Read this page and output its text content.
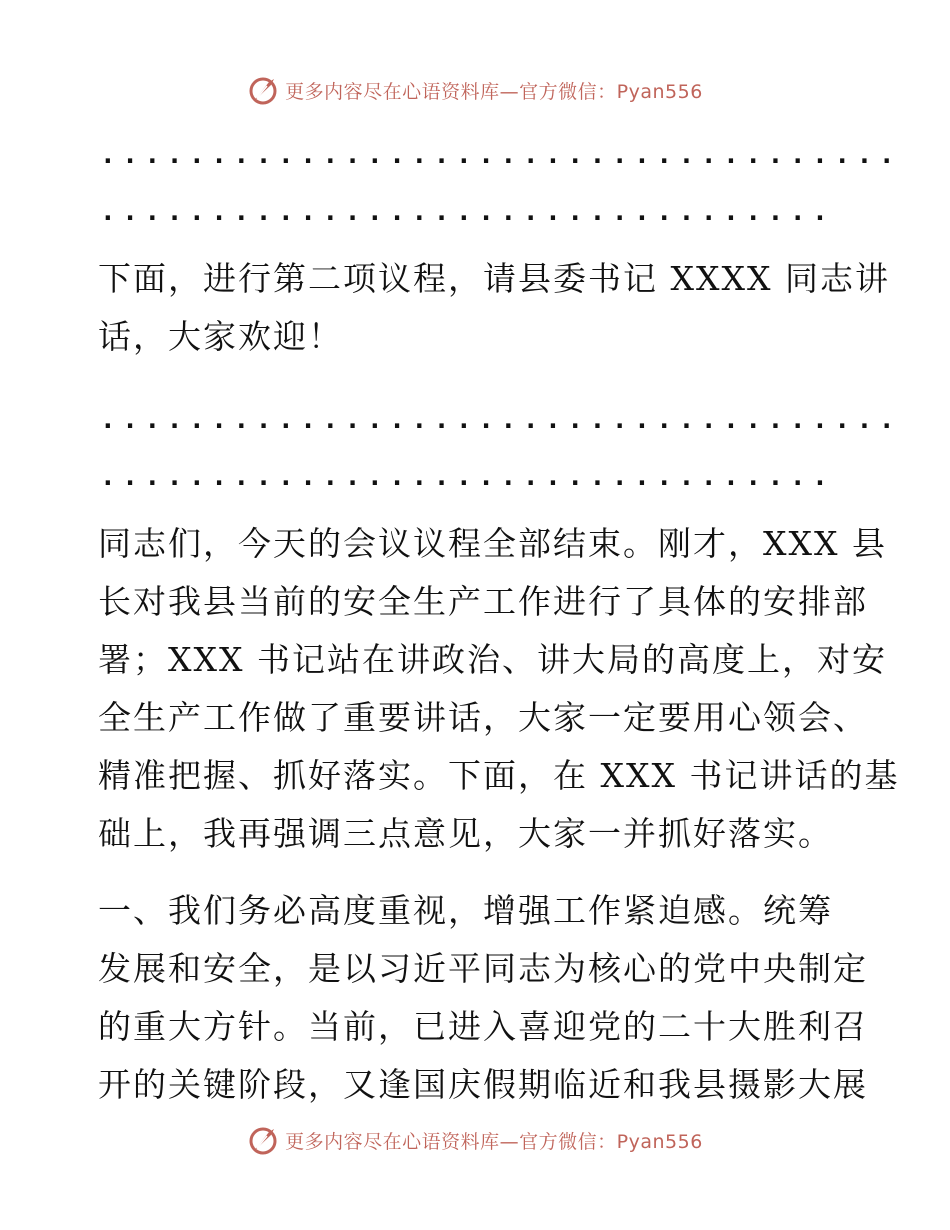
更多内容尽在心语资料库—官方微信：Pyan556
....................................
.................................
下面，进行第二项议程，请县委书记 XXXX 同志讲
话，大家欢迎！
....................................
.................................
同志们，今天的会议议程全部结束。刚才，XXX 县
长对我县当前的安全生产工作进行了具体的安排部
署；XXX 书记站在讲政治、讲大局的高度上，对安
全生产工作做了重要讲话，大家一定要用心领会、
精准把握、抓好落实。下面，在 XXX 书记讲话的基
础上，我再强调三点意见，大家一并抓好落实。
一、我们务必高度重视，增强工作紧迫感。统筹
发展和安全，是以习近平同志为核心的党中央制定
的重大方针。当前，已进入喜迎党的二十大胜利召
开的关键阶段，又逢国庆假期临近和我县摄影大展
更多内容尽在心语资料库—官方微信：Pyan556
